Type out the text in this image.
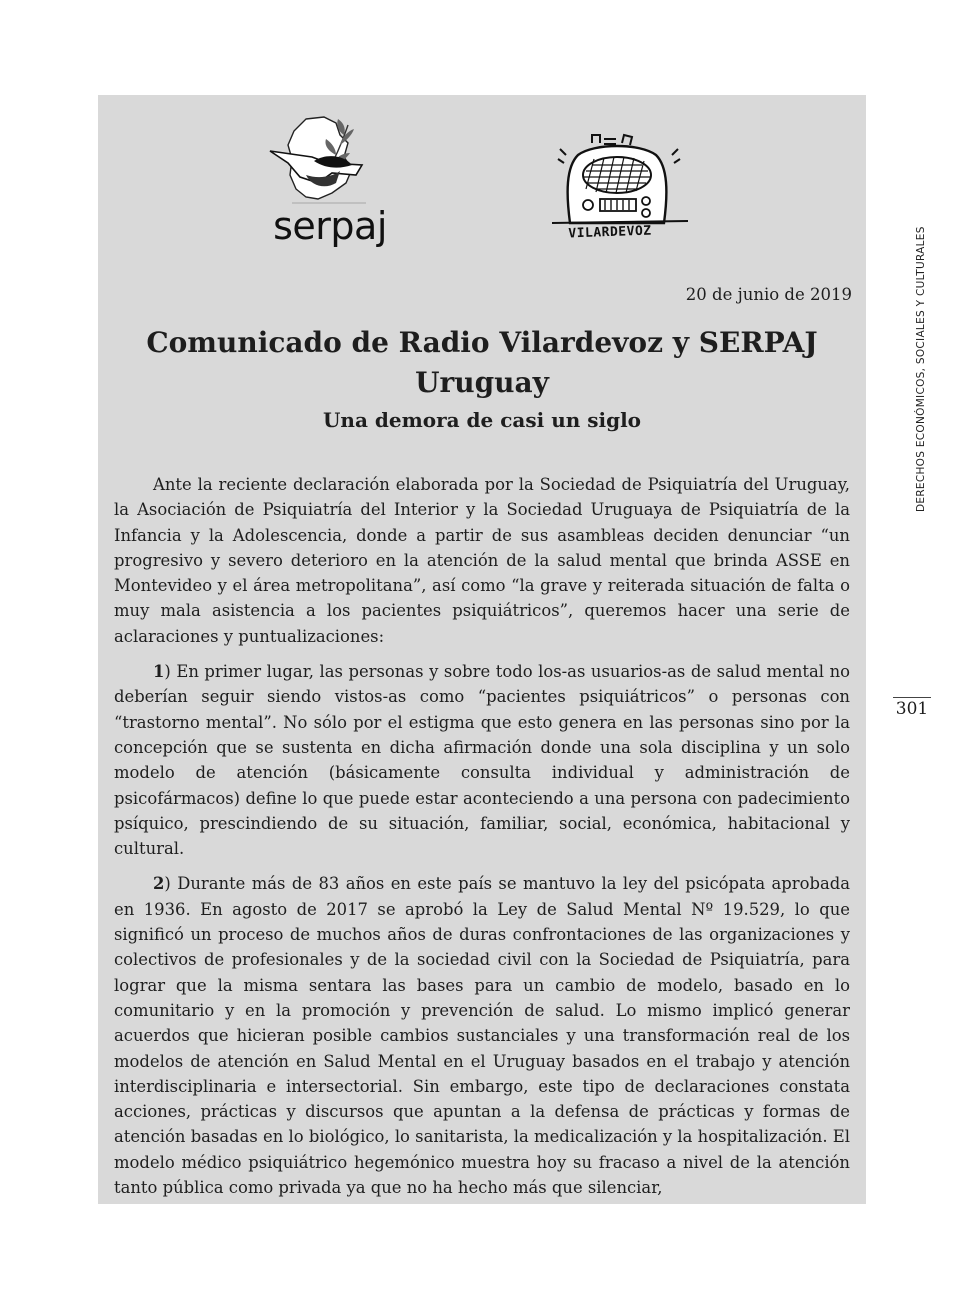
serpaj	VILARDEVOZ
20 de junio de 2019
Comunicado de Radio Vilardevoz y SERPAJ Uruguay
Una demora de casi un siglo

Ante la reciente declaración elaborada por la Sociedad de Psiquiatría del Uruguay, la Asociación de Psiquiatría del Interior y la Sociedad Uruguaya de Psiquiatría de la Infancia y la Adolescencia, donde a partir de sus asambleas deciden denunciar “un progresivo y severo deterioro en la atención de la salud mental que brinda ASSE en Montevideo y el área metropolitana”, así como “la grave y reiterada situación de falta o muy mala asistencia a los pacientes psiquiátricos”, queremos hacer una serie de aclaraciones y puntualizaciones:

1) En primer lugar, las personas y sobre todo los-as usuarios-as de salud mental no deberían seguir siendo vistos-as como “pacientes psiquiátricos” o personas con “trastorno mental”. No sólo por el estigma que esto genera en las personas sino por la concepción que se sustenta en dicha afirmación donde una sola disciplina y un solo modelo de atención (básicamente consulta individual y administración de psicofármacos) define lo que puede estar aconteciendo a una persona con padecimiento psíquico, prescindiendo de su situación, familiar, social, económica, habitacional y cultural.

2) Durante más de 83 años en este país se mantuvo la ley del psicópata aprobada en 1936. En agosto de 2017 se aprobó la Ley de Salud Mental Nº 19.529, lo que significó un proceso de muchos años de duras confrontaciones de las organizaciones y colectivos de profesionales y de la sociedad civil con la Sociedad de Psiquiatría, para lograr que la misma sentara las bases para un cambio de modelo, basado en lo comunitario y en la promoción y prevención de salud. Lo mismo implicó generar acuerdos que hicieran posible cambios sustanciales y una transformación real de los modelos de atención en Salud Mental en el Uruguay basados en el trabajo y atención interdisciplinaria e intersectorial. Sin embargo, este tipo de declaraciones constata acciones, prácticas y discursos que apuntan a la defensa de prácticas y formas de atención basadas en lo biológico, lo sanitarista, la medicalización y la hospitalización. El modelo médico psiquiátrico hegemónico muestra hoy su fracaso a nivel de la atención tanto pública como privada ya que no ha hecho más que silenciar,

DERECHOS ECONÓMICOS, SOCIALES Y CULTURALES
301
